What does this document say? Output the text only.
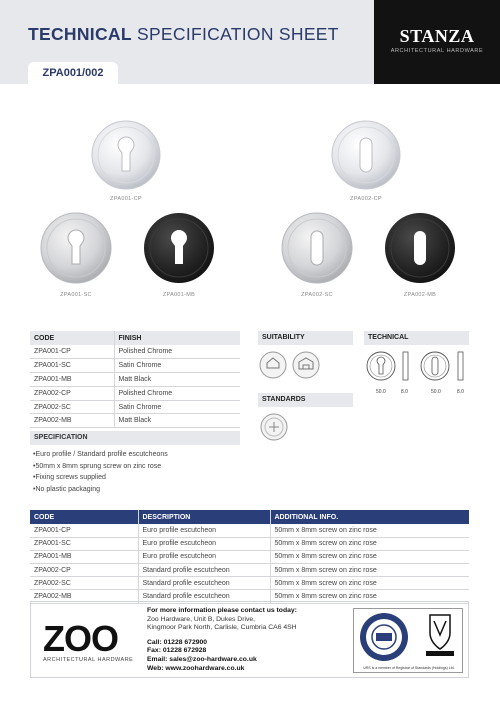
TECHNICAL SPECIFICATION SHEET	STANZA
ARCHITECTURAL HARDWARE
ZPA001/002
ZPA001-CP	ZPA002-CP
ZPA001-SC	ZPA001-MB	ZPA002-SC	ZPA002-MB
CODE	FINISH
ZPA001-CP	Polished Chrome
ZPA001-SC	Satin Chrome
ZPA001-MB	Matt Black
ZPA002-CP	Polished Chrome
ZPA002-SC	Satin Chrome
ZPA002-MB	Matt Black
SPECIFICATION
• Euro profile / Standard profile escutcheons
• 50mm x 8mm sprung screw on zinc rose
• Fixing screws supplied
• No plastic packaging
SUITABILITY	TECHNICAL
STANDARDS
50.0	8.0	50.0	8.0
CODE	DESCRIPTION	ADDITIONAL INFO.
ZPA001-CP	Euro profile escutcheon	50mm x 8mm screw on zinc rose
ZPA001-SC	Euro profile escutcheon	50mm x 8mm screw on zinc rose
ZPA001-MB	Euro profile escutcheon	50mm x 8mm screw on zinc rose
ZPA002-CP	Standard profile escutcheon	50mm x 8mm screw on zinc rose
ZPA002-SC	Standard profile escutcheon	50mm x 8mm screw on zinc rose
ZPA002-MB	Standard profile escutcheon	50mm x 8mm screw on zinc rose
ZOO
ARCHITECTURAL HARDWARE
For more information please contact us today:
Zoo Hardware, Unit B, Dukes Drive,
Kingmoor Park North, Carlisle, Cumbria CA6 4SH
Call: 01228 672900
Fax: 01228 672928
Email: sales@zoo-hardware.co.uk
Web: www.zoohardware.co.uk	URS is a member of Registrar of Standards (Holdings) Ltd.
